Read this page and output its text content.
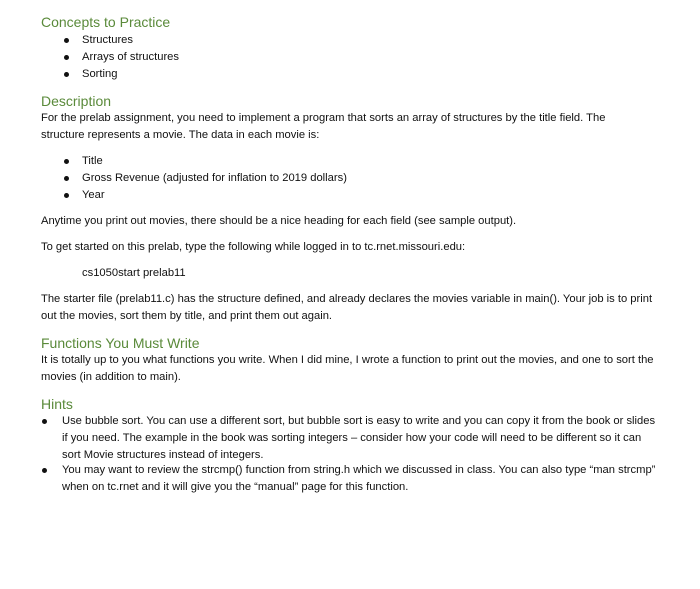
Concepts to Practice
Structures
Arrays of structures
Sorting
Description

For the prelab assignment, you need to implement a program that sorts an array of structures by the title field. The structure represents a movie. The data in each movie is:

Title
Gross Revenue (adjusted for inflation to 2019 dollars)
Year

Anytime you print out movies, there should be a nice heading for each field (see sample output).

To get started on this prelab, type the following while logged in to tc.rnet.missouri.edu:

cs1050start prelab11

The starter file (prelab11.c) has the structure defined, and already declares the movies variable in main(). Your job is to print out the movies, sort them by title, and print them out again.

Functions You Must Write

It is totally up to you what functions you write. When I did mine, I wrote a function to print out the movies, and one to sort the movies (in addition to main).

Hints

Use bubble sort. You can use a different sort, but bubble sort is easy to write and you can copy it from the book or slides if you need. The example in the book was sorting integers – consider how your code will need to be different so it can sort Movie structures instead of integers.

You may want to review the strcmp() function from string.h which we discussed in class. You can also type “man strcmp” when on tc.rnet and it will give you the “manual” page for this function.
